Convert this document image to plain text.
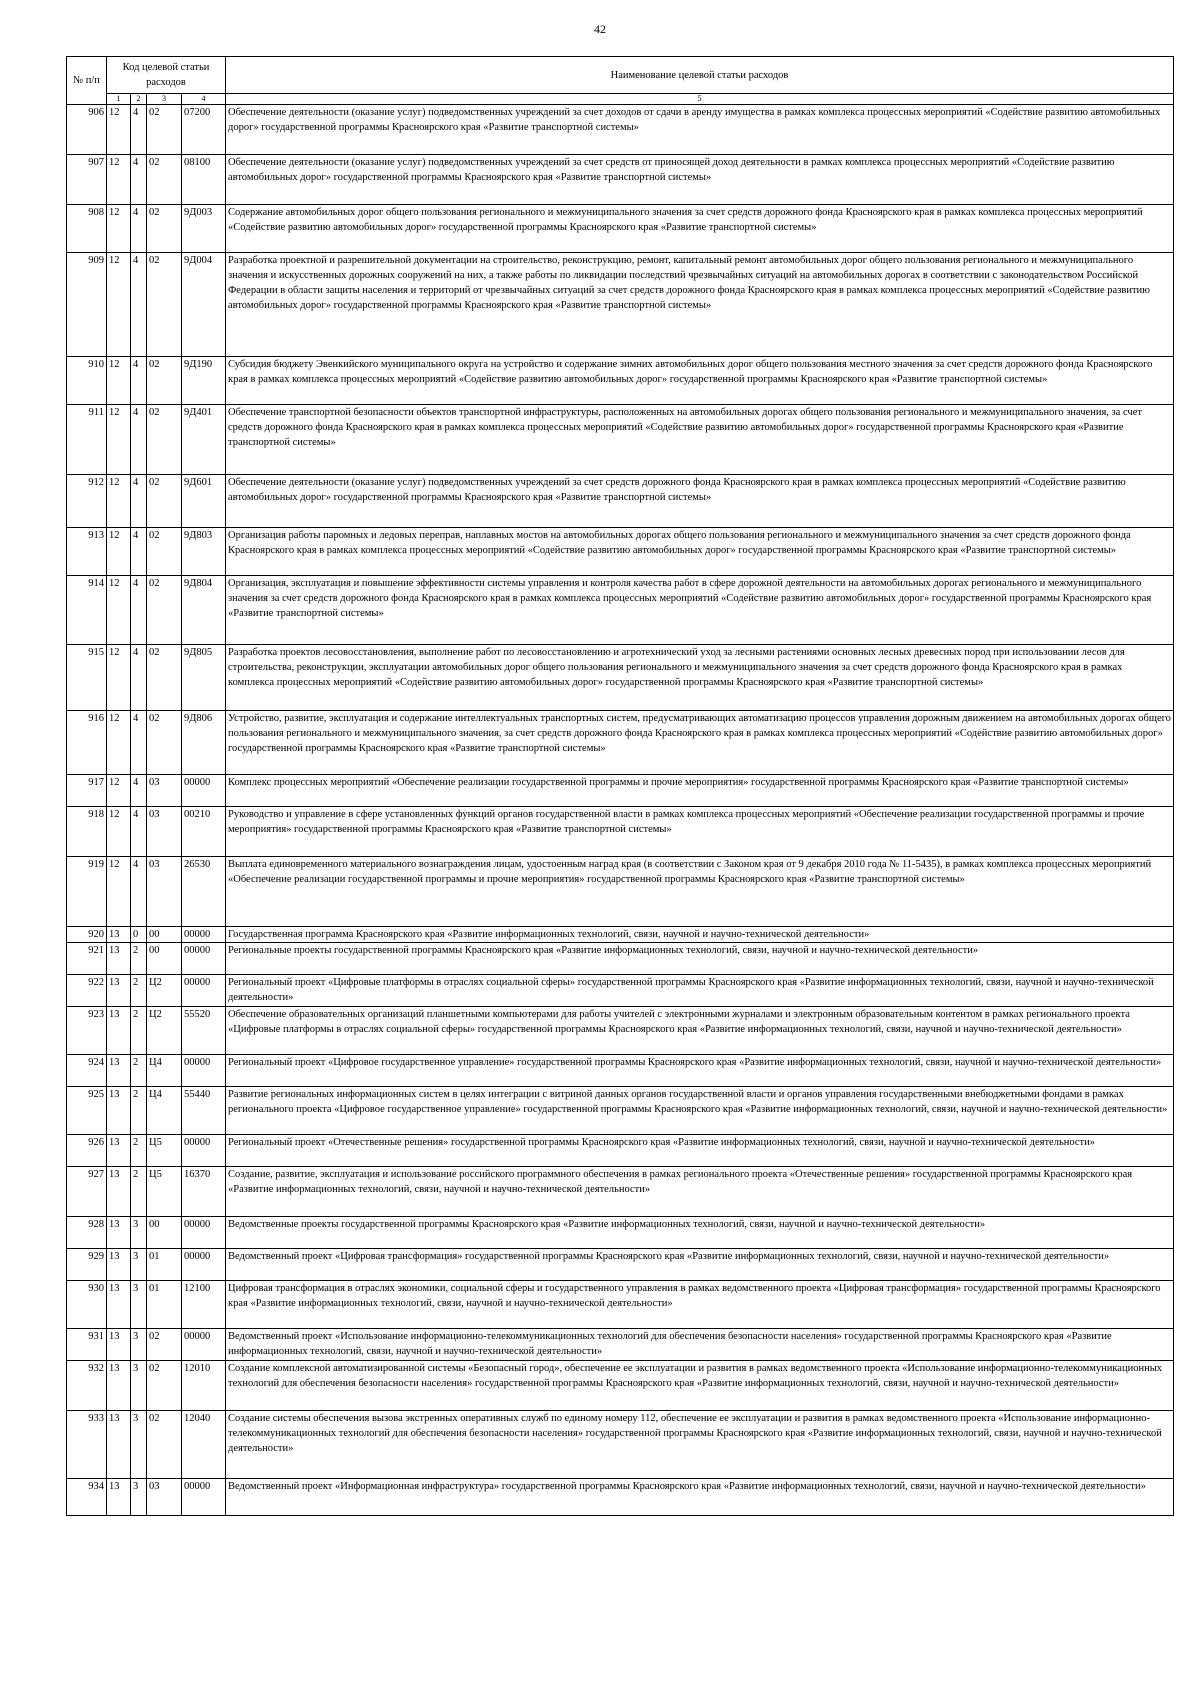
42
№ п/п	Код целевой статьи расходов				Наименование целевой статьи расходов
	1	2	3	4	5
906	12	4	02	07200	Обеспечение деятельности (оказание услуг) подведомственных учреждений за счет доходов от сдачи в аренду имущества в рамках комплекса процессных мероприятий «Содействие развитию автомобильных дорог» государственной программы Красноярского края «Развитие транспортной системы»
907	12	4	02	08100	Обеспечение деятельности (оказание услуг) подведомственных учреждений за счет средств от приносящей доход деятельности в рамках комплекса процессных мероприятий «Содействие развитию автомобильных дорог» государственной программы Красноярского края «Развитие транспортной системы»
908	12	4	02	9Д003	Содержание автомобильных дорог общего пользования регионального и межмуниципального значения за счет средств дорожного фонда Красноярского края в рамках комплекса процессных мероприятий «Содействие развитию автомобильных дорог» государственной программы Красноярского края «Развитие транспортной системы»
909	12	4	02	9Д004	Разработка проектной и разрешительной документации на строительство, реконструкцию, ремонт, капитальный ремонт автомобильных дорог общего пользования регионального и межмуниципального значения и искусственных дорожных сооружений на них, а также работы по ликвидации последствий чрезвычайных ситуаций на автомобильных дорогах в соответствии с законодательством Российской Федерации в области защиты населения и территорий от чрезвычайных ситуаций за счет средств дорожного фонда Красноярского края в рамках комплекса процессных мероприятий «Содействие развитию автомобильных дорог» государственной программы Красноярского края «Развитие транспортной системы»
910	12	4	02	9Д190	Субсидия бюджету Эвенкийского муниципального округа на устройство и содержание зимних автомобильных дорог общего пользования местного значения за счет средств дорожного фонда Красноярского края в рамках комплекса процессных мероприятий «Содействие развитию автомобильных дорог» государственной программы Красноярского края «Развитие транспортной системы»
911	12	4	02	9Д401	Обеспечение транспортной безопасности объектов транспортной инфраструктуры, расположенных на автомобильных дорогах общего пользования регионального и межмуниципального значения, за счет средств дорожного фонда Красноярского края в рамках комплекса процессных мероприятий «Содействие развитию автомобильных дорог» государственной программы Красноярского края «Развитие транспортной системы»
912	12	4	02	9Д601	Обеспечение деятельности (оказание услуг) подведомственных учреждений за счет средств дорожного фонда Красноярского края в рамках комплекса процессных мероприятий «Содействие развитию автомобильных дорог» государственной программы Красноярского края «Развитие транспортной системы»
913	12	4	02	9Д803	Организация работы паромных и ледовых переправ, наплавных мостов на автомобильных дорогах общего пользования регионального и межмуниципального значения за счет средств дорожного фонда Красноярского края в рамках комплекса процессных мероприятий «Содействие развитию автомобильных дорог» государственной программы Красноярского края «Развитие транспортной системы»
914	12	4	02	9Д804	Организация, эксплуатация и повышение эффективности системы управления и контроля качества работ в сфере дорожной деятельности на автомобильных дорогах регионального и межмуниципального значения за счет средств дорожного фонда Красноярского края в рамках комплекса процессных мероприятий «Содействие развитию автомобильных дорог» государственной программы Красноярского края «Развитие транспортной системы»
915	12	4	02	9Д805	Разработка проектов лесовосстановления, выполнение работ по лесовосстановлению и агротехнический уход за лесными растениями основных лесных древесных пород при использовании лесов для строительства, реконструкции, эксплуатации автомобильных дорог общего пользования регионального и межмуниципального значения за счет средств дорожного фонда Красноярского края в рамках комплекса процессных мероприятий «Содействие развитию автомобильных дорог» государственной программы Красноярского края «Развитие транспортной системы»
916	12	4	02	9Д806	Устройство, развитие, эксплуатация и содержание интеллектуальных транспортных систем, предусматривающих автоматизацию процессов управления дорожным движением на автомобильных дорогах общего пользования регионального и межмуниципального значения, за счет средств дорожного фонда Красноярского края в рамках комплекса процессных мероприятий «Содействие развитию автомобильных дорог» государственной программы Красноярского края «Развитие транспортной системы»
917	12	4	03	00000	Комплекс процессных мероприятий «Обеспечение реализации государственной программы и прочие мероприятия» государственной программы Красноярского края «Развитие транспортной системы»
918	12	4	03	00210	Руководство и управление в сфере установленных функций органов государственной власти в рамках комплекса процессных мероприятий «Обеспечение реализации государственной программы и прочие мероприятия» государственной программы Красноярского края «Развитие транспортной системы»
919	12	4	03	26530	Выплата единовременного материального вознаграждения лицам, удостоенным наград края (в соответствии с Законом края от 9 декабря 2010 года № 11-5435), в рамках комплекса процессных мероприятий «Обеспечение реализации государственной программы и прочие мероприятия» государственной программы Красноярского края «Развитие транспортной системы»
920	13	0	00	00000	Государственная программа Красноярского края «Развитие информационных технологий, связи, научной и научно-технической деятельности»
921	13	2	00	00000	Региональные проекты государственной программы Красноярского края «Развитие информационных технологий, связи, научной и научно-технической деятельности»
922	13	2	Ц2	00000	Региональный проект «Цифровые платформы в отраслях социальной сферы» государственной программы Красноярского края «Развитие информационных технологий, связи, научной и научно-технической деятельности»
923	13	2	Ц2	55520	Обеспечение образовательных организаций планшетными компьютерами для работы учителей с электронными журналами и электронным образовательным контентом в рамках регионального проекта «Цифровые платформы в отраслях социальной сферы» государственной программы Красноярского края «Развитие информационных технологий, связи, научной и научно-технической деятельности»
924	13	2	Ц4	00000	Региональный проект «Цифровое государственное управление» государственной программы Красноярского края «Развитие информационных технологий, связи, научной и научно-технической деятельности»
925	13	2	Ц4	55440	Развитие региональных информационных систем в целях интеграции с витриной данных органов государственной власти и органов управления государственными внебюджетными фондами в рамках регионального проекта «Цифровое государственное управление» государственной программы Красноярского края «Развитие информационных технологий, связи, научной и научно-технической деятельности»
926	13	2	Ц5	00000	Региональный проект «Отечественные решения» государственной программы Красноярского края «Развитие информационных технологий, связи, научной и научно-технической деятельности»
927	13	2	Ц5	16370	Создание, развитие, эксплуатация и использование российского программного обеспечения в рамках регионального проекта «Отечественные решения» государственной программы Красноярского края «Развитие информационных технологий, связи, научной и научно-технической деятельности»
928	13	3	00	00000	Ведомственные проекты государственной программы Красноярского края «Развитие информационных технологий, связи, научной и научно-технической деятельности»
929	13	3	01	00000	Ведомственный проект «Цифровая трансформация» государственной программы Красноярского края «Развитие информационных технологий, связи, научной и научно-технической деятельности»
930	13	3	01	12100	Цифровая трансформация в отраслях экономики, социальной сферы и государственного управления в рамках ведомственного проекта «Цифровая трансформация» государственной программы Красноярского края «Развитие информационных технологий, связи, научной и научно-технической деятельности»
931	13	3	02	00000	Ведомственный проект «Использование информационно-телекоммуникационных технологий для обеспечения безопасности населения» государственной программы Красноярского края «Развитие информационных технологий, связи, научной и научно-технической деятельности»
932	13	3	02	12010	Создание комплексной автоматизированной системы «Безопасный город», обеспечение ее эксплуатации и развития в рамках ведомственного проекта «Использование информационно-телекоммуникационных технологий для обеспечения безопасности населения» государственной программы Красноярского края «Развитие информационных технологий, связи, научной и научно-технической деятельности»
933	13	3	02	12040	Создание системы обеспечения вызова экстренных оперативных служб по единому номеру 112, обеспечение ее эксплуатации и развития в рамках ведомственного проекта «Использование информационно-телекоммуникационных технологий для обеспечения безопасности населения» государственной программы Красноярского края «Развитие информационных технологий, связи, научной и научно-технической деятельности»
934	13	3	03	00000	Ведомственный проект «Информационная инфраструктура» государственной программы Красноярского края «Развитие информационных технологий, связи, научной и научно-технической деятельности»
